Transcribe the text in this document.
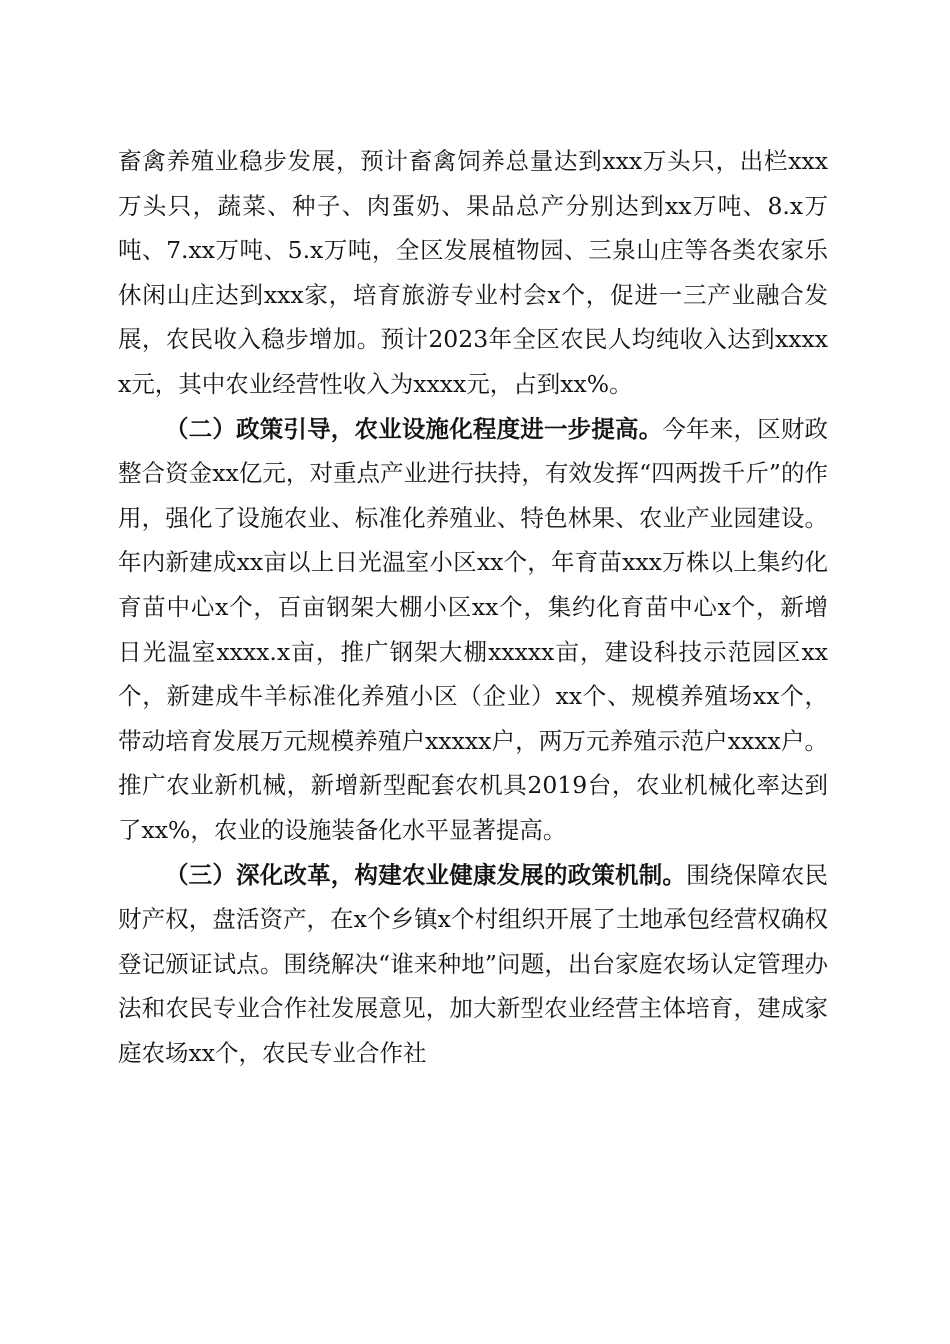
畜禽养殖业稳步发展，预计畜禽饲养总量达到xxx万头只，出栏xxx万头只，蔬菜、种子、肉蛋奶、果品总产分别达到xx万吨、8.x万吨、7.xx万吨、5.x万吨，全区发展植物园、三泉山庄等各类农家乐休闲山庄达到xxx家，培育旅游专业村会x个，促进一三产业融合发展，农民收入稳步增加。预计2023年全区农民人均纯收入达到xxxxx元，其中农业经营性收入为xxxx元，占到xx%。

（二）政策引导，农业设施化程度进一步提高。今年来，区财政整合资金xx亿元，对重点产业进行扶持，有效发挥“四两拨千斤”的作用，强化了设施农业、标准化养殖业、特色林果、农业产业园建设。年内新建成xx亩以上日光温室小区xx个，年育苗xxx万株以上集约化育苗中心x个，百亩钢架大棚小区xx个，集约化育苗中心x个，新增日光温室xxxx.x亩，推广钢架大棚xxxxx亩，建设科技示范园区xx个，新建成牛羊标准化养殖小区（企业）xx个、规模养殖场xx个，带动培育发展万元规模养殖户xxxxx户，两万元养殖示范户xxxx户。推广农业新机械，新增新型配套农机具2019台，农业机械化率达到了xx%，农业的设施装备化水平显著提高。

（三）深化改革，构建农业健康发展的政策机制。围绕保障农民财产权，盘活资产，在x个乡镇x个村组织开展了土地承包经营权确权登记颁证试点。围绕解决“谁来种地”问题，出台家庭农场认定管理办法和农民专业合作社发展意见，加大新型农业经营主体培育，建成家庭农场xx个，农民专业合作社
